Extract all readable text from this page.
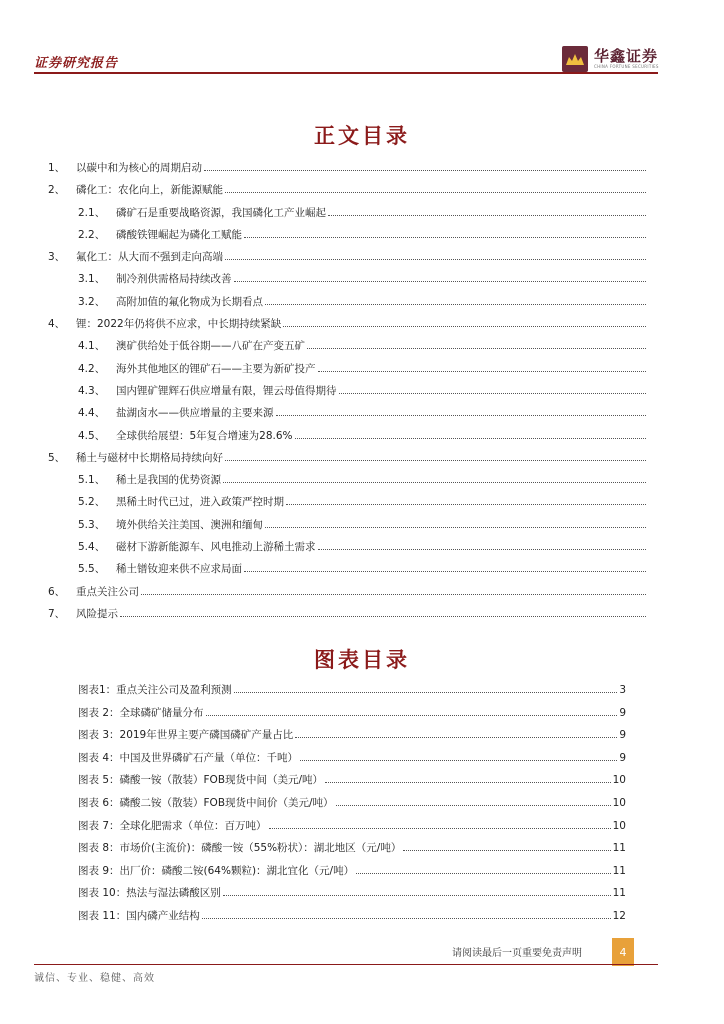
证券研究报告	华鑫证券
CHINA FORTUNE SECURITIES
正文目录
1、	以碳中和为核心的周期启动
2、	磷化工：农化向上，新能源赋能
2.1、	磷矿石是重要战略资源，我国磷化工产业崛起
2.2、	磷酸铁锂崛起为磷化工赋能
3、	氟化工：从大而不强到走向高端
3.1、	制冷剂供需格局持续改善
3.2、	高附加值的氟化物成为长期看点
4、	锂：2022年仍将供不应求，中长期持续紧缺
4.1、	澳矿供给处于低谷期——八矿在产变五矿
4.2、	海外其他地区的锂矿石——主要为新矿投产
4.3、	国内锂矿锂辉石供应增量有限，锂云母值得期待
4.4、	盐湖卤水——供应增量的主要来源
4.5、	全球供给展望：5年复合增速为28.6%
5、	稀土与磁材中长期格局持续向好
5.1、	稀土是我国的优势资源
5.2、	黑稀土时代已过，进入政策严控时期
5.3、	境外供给关注美国、澳洲和缅甸
5.4、	磁材下游新能源车、风电推动上游稀土需求
5.5、	稀土镨钕迎来供不应求局面
6、	重点关注公司
7、	风险提示
图表目录
图表1：重点关注公司及盈利预测	3
图表 2：全球磷矿储量分布	9
图表 3：2019年世界主要产磷国磷矿产量占比	9
图表 4：中国及世界磷矿石产量（单位：千吨）	9
图表 5：磷酸一铵（散装）FOB现货中间（美元/吨）	10
图表 6：磷酸二铵（散装）FOB现货中间价（美元/吨）	10
图表 7：全球化肥需求（单位：百万吨）	10
图表 8：市场价(主流价)：磷酸一铵（55%粉状）：湖北地区（元/吨）	11
图表 9：出厂价：磷酸二铵(64%颗粒)：湖北宜化（元/吨）	11
图表 10：热法与湿法磷酸区别	11
图表 11：国内磷产业结构	12
请阅读最后一页重要免责声明	4
诚信、专业、稳健、高效
